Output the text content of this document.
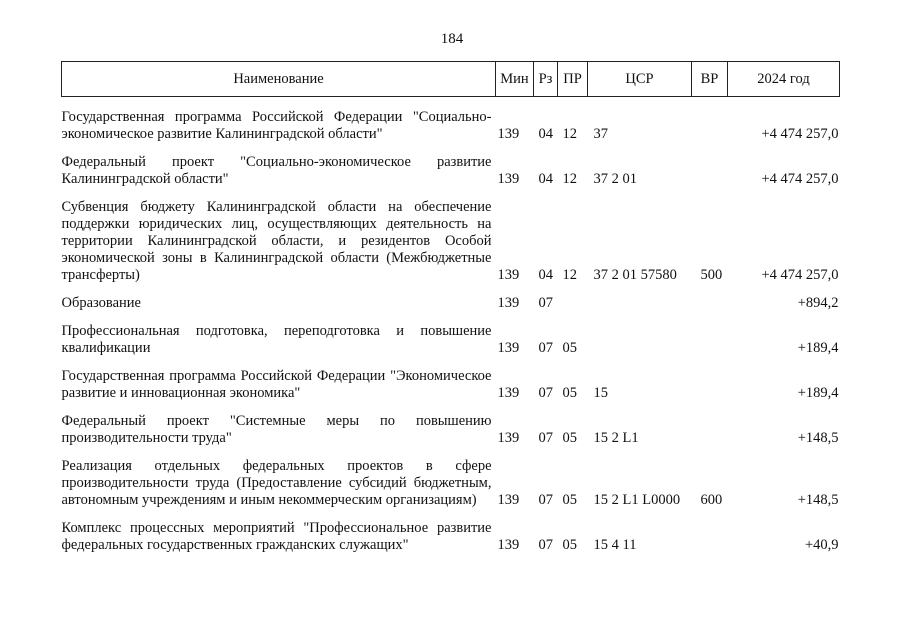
184
Наименование	Мин	Рз	ПР	ЦСР	ВР	2024 год
Государственная программа Российской Федерации "Социально-экономическое развитие Калининградской области"	139	04	12	37		+4 474 257,0
Федеральный проект "Социально-экономическое развитие Калининградской области"	139	04	12	37 2 01		+4 474 257,0
Субвенция бюджету Калининградской области на обеспечение поддержки юридических лиц, осуществляющих деятельность на территории Калининградской области, и резидентов Особой экономической зоны в Калининградской области (Межбюджетные трансферты)	139	04	12	37 2 01 57580	500	+4 474 257,0
Образование	139	07				+894,2
Профессиональная подготовка, переподготовка и повышение квалификации	139	07	05			+189,4
Государственная программа Российской Федерации "Экономическое развитие и инновационная экономика"	139	07	05	15		+189,4
Федеральный проект "Системные меры по повышению производительности труда"	139	07	05	15 2 L1		+148,5
Реализация отдельных федеральных проектов в сфере производительности труда (Предоставление субсидий бюджетным, автономным учреждениям и иным некоммерческим организациям)	139	07	05	15 2 L1 L0000	600	+148,5
Комплекс процессных мероприятий "Профессиональное развитие федеральных государственных гражданских служащих"	139	07	05	15 4 11		+40,9
